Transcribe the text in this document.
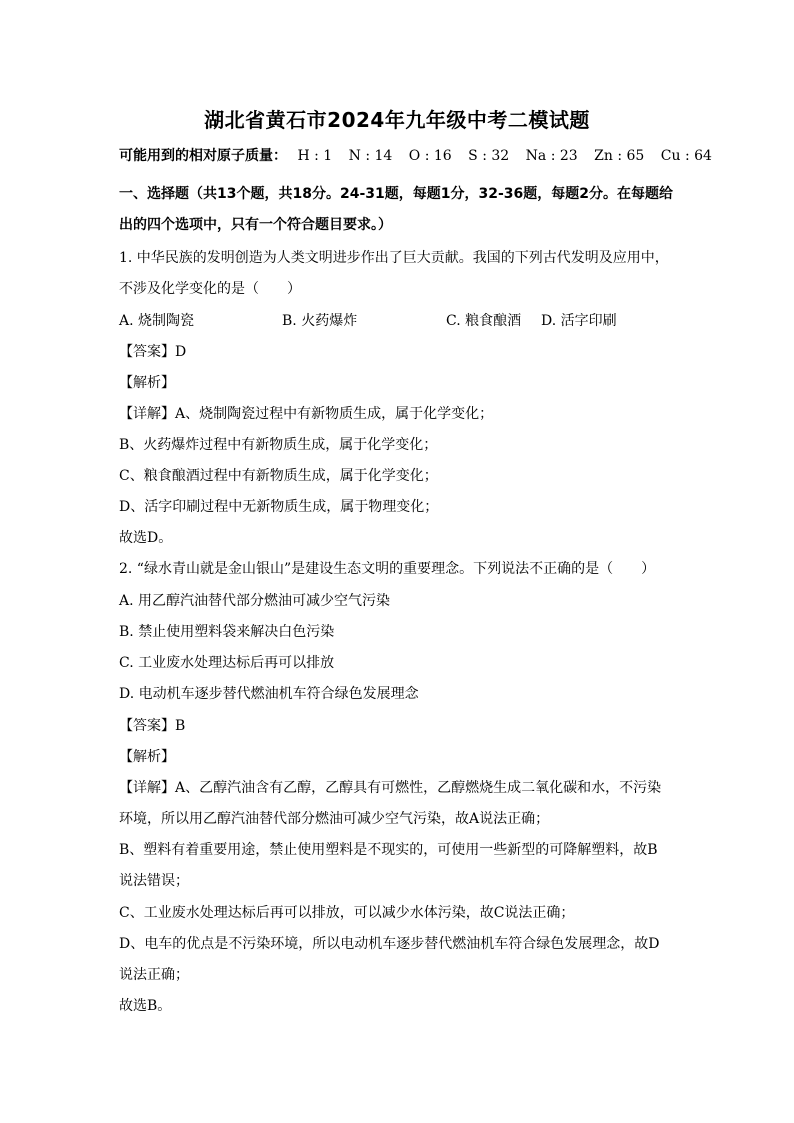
湖北省黄石市2024年九年级中考二模试题
可能用到的相对原子质量： H : 1 N : 14 O : 16 S : 32 Na : 23 Zn : 65 Cu : 64
一、选择题（共13个题，共18分。24-31题，每题1分，32-36题，每题2分。在每题给
出的四个选项中，只有一个符合题目要求。）
1. 中华民族的发明创造为人类文明进步作出了巨大贡献。我国的下列古代发明及应用中，
不涉及化学变化的是（　　）
A. 烧制陶瓷	B. 火药爆炸	C. 粮食酿酒 D. 活字印刷
【答案】D
【解析】
【详解】A、烧制陶瓷过程中有新物质生成，属于化学变化；
B、火药爆炸过程中有新物质生成，属于化学变化；
C、粮食酿酒过程中有新物质生成，属于化学变化；
D、活字印刷过程中无新物质生成，属于物理变化；
故选D。
2. “绿水青山就是金山银山”是建设生态文明的重要理念。下列说法不正确的是（　　）
A. 用乙醇汽油替代部分燃油可减少空气污染
B. 禁止使用塑料袋来解决白色污染
C. 工业废水处理达标后再可以排放
D. 电动机车逐步替代燃油机车符合绿色发展理念
【答案】B
【解析】
【详解】A、乙醇汽油含有乙醇，乙醇具有可燃性，乙醇燃烧生成二氧化碳和水，不污染
环境，所以用乙醇汽油替代部分燃油可减少空气污染，故A说法正确；
B、塑料有着重要用途，禁止使用塑料是不现实的，可使用一些新型的可降解塑料，故B
说法错误；
C、工业废水处理达标后再可以排放，可以减少水体污染，故C说法正确；
D、电车的优点是不污染环境，所以电动机车逐步替代燃油机车符合绿色发展理念，故D
说法正确；
故选B。
